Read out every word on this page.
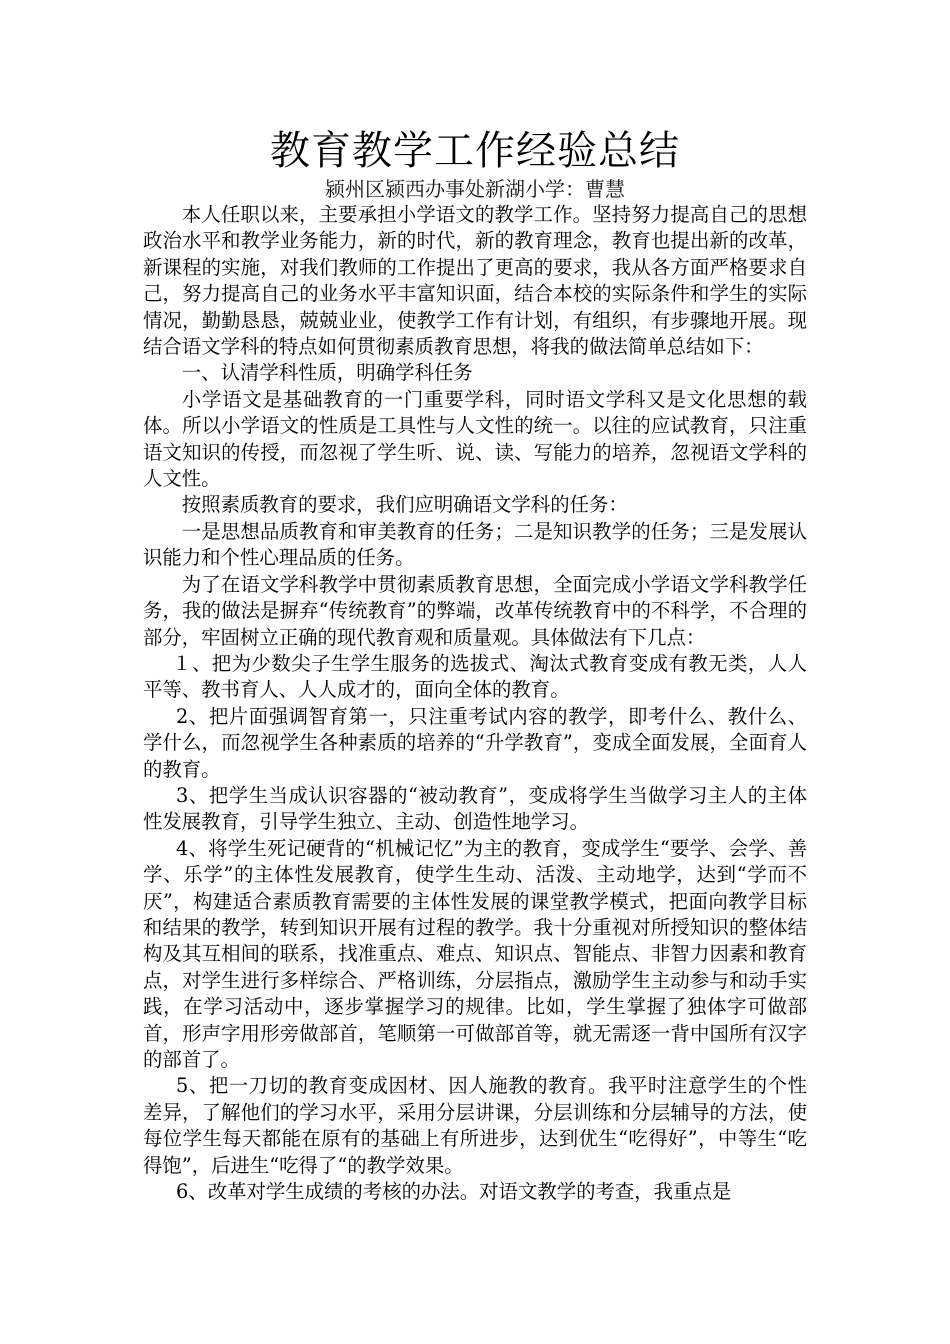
教育教学工作经验总结

颍州区颍西办事处新湖小学：曹慧

本人任职以来，主要承担小学语文的教学工作。坚持努力提高自己的思想政治水平和教学业务能力，新的时代，新的教育理念，教育也提出新的改革，新课程的实施，对我们教师的工作提出了更高的要求，我从各方面严格要求自己，努力提高自己的业务水平丰富知识面，结合本校的实际条件和学生的实际情况，勤勤恳恳，兢兢业业，使教学工作有计划，有组织，有步骤地开展。现结合语文学科的特点如何贯彻素质教育思想，将我的做法简单总结如下：

一、认清学科性质，明确学科任务

小学语文是基础教育的一门重要学科，同时语文学科又是文化思想的载体。所以小学语文的性质是工具性与人文性的统一。以往的应试教育，只注重语文知识的传授，而忽视了学生听、说、读、写能力的培养，忽视语文学科的人文性。

按照素质教育的要求，我们应明确语文学科的任务：

一是思想品质教育和审美教育的任务；二是知识教学的任务；三是发展认识能力和个性心理品质的任务。

为了在语文学科教学中贯彻素质教育思想，全面完成小学语文学科教学任务，我的做法是摒弃“传统教育”的弊端，改革传统教育中的不科学，不合理的部分，牢固树立正确的现代教育观和质量观。具体做法有下几点：

１、把为少数尖子生学生服务的选拔式、淘汰式教育变成有教无类，人人平等、教书育人、人人成才的，面向全体的教育。

2、把片面强调智育第一，只注重考试内容的教学，即考什么、教什么、学什么，而忽视学生各种素质的培养的“升学教育”，变成全面发展，全面育人的教育。

3、把学生当成认识容器的“被动教育”，变成将学生当做学习主人的主体性发展教育，引导学生独立、主动、创造性地学习。

4、将学生死记硬背的“机械记忆”为主的教育，变成学生“要学、会学、善学、乐学”的主体性发展教育，使学生生动、活泼、主动地学，达到“学而不厌”，构建适合素质教育需要的主体性发展的课堂教学模式，把面向教学目标和结果的教学，转到知识开展有过程的教学。我十分重视对所授知识的整体结构及其互相间的联系，找准重点、难点、知识点、智能点、非智力因素和教育点，对学生进行多样综合、严格训练，分层指点，激励学生主动参与和动手实践，在学习活动中，逐步掌握学习的规律。比如，学生掌握了独体字可做部首，形声字用形旁做部首，笔顺第一可做部首等，就无需逐一背中国所有汉字的部首了。

5、把一刀切的教育变成因材、因人施教的教育。我平时注意学生的个性差异，了解他们的学习水平，采用分层讲课，分层训练和分层辅导的方法，使每位学生每天都能在原有的基础上有所进步，达到优生“吃得好”，中等生“吃得饱”，后进生“吃得了“的教学效果。

6、改革对学生成绩的考核的办法。对语文教学的考查，我重点是
